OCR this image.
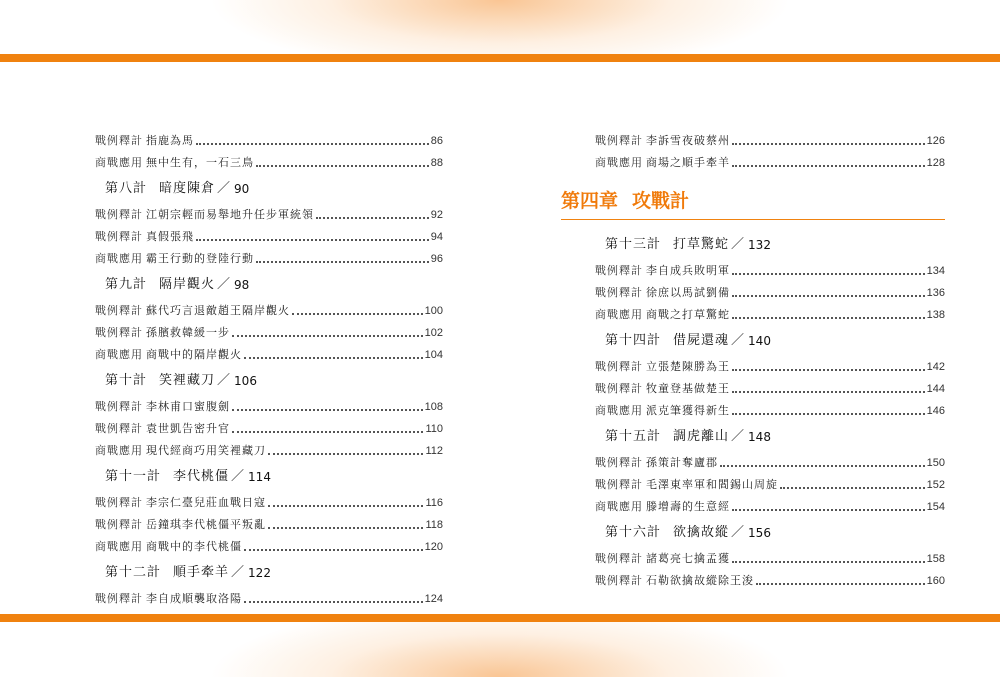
戰例釋計 指鹿為馬	86
商戰應用 無中生有，一石三鳥	88
第八計 暗度陳倉 ／ 90
戰例釋計 江朝宗輕而易舉地升任步軍統領	92
戰例釋計 真假張飛	94
商戰應用 霸王行動的登陸行動	96
第九計 隔岸觀火 ／ 98
戰例釋計 蘇代巧言退敵趙王隔岸觀火	100
戰例釋計 孫臏救韓緩一步	102
商戰應用 商戰中的隔岸觀火	104
第十計 笑裡藏刀 ／ 106
戰例釋計 李林甫口蜜腹劍	108
戰例釋計 袁世凱告密升官	110
商戰應用 現代經商巧用笑裡藏刀	112
第十一計 李代桃僵 ／ 114
戰例釋計 李宗仁臺兒莊血戰日寇	116
戰例釋計 岳鐘琪李代桃僵平叛亂	118
商戰應用 商戰中的李代桃僵	120
第十二計 順手牽羊 ／ 122
戰例釋計 李自成順襲取洛陽	124
戰例釋計 李訴雪夜破蔡州	126
商戰應用 商場之順手牽羊	128
第四章 攻戰計
第十三計 打草驚蛇 ／ 132
戰例釋計 李自成兵敗明軍	134
戰例釋計 徐庶以馬試劉備	136
商戰應用 商戰之打草驚蛇	138
第十四計 借屍還魂 ／ 140
戰例釋計 立張楚陳勝為王	142
戰例釋計 牧童登基做楚王	144
商戰應用 派克筆獲得新生	146
第十五計 調虎離山 ／ 148
戰例釋計 孫策計奪廬郡	150
戰例釋計 毛澤東率軍和閻錫山周旋	152
商戰應用 滕增壽的生意經	154
第十六計 欲擒故縱 ／ 156
戰例釋計 諸葛亮七擒孟獲	158
戰例釋計 石勒欲擒故縱除王浚	160
